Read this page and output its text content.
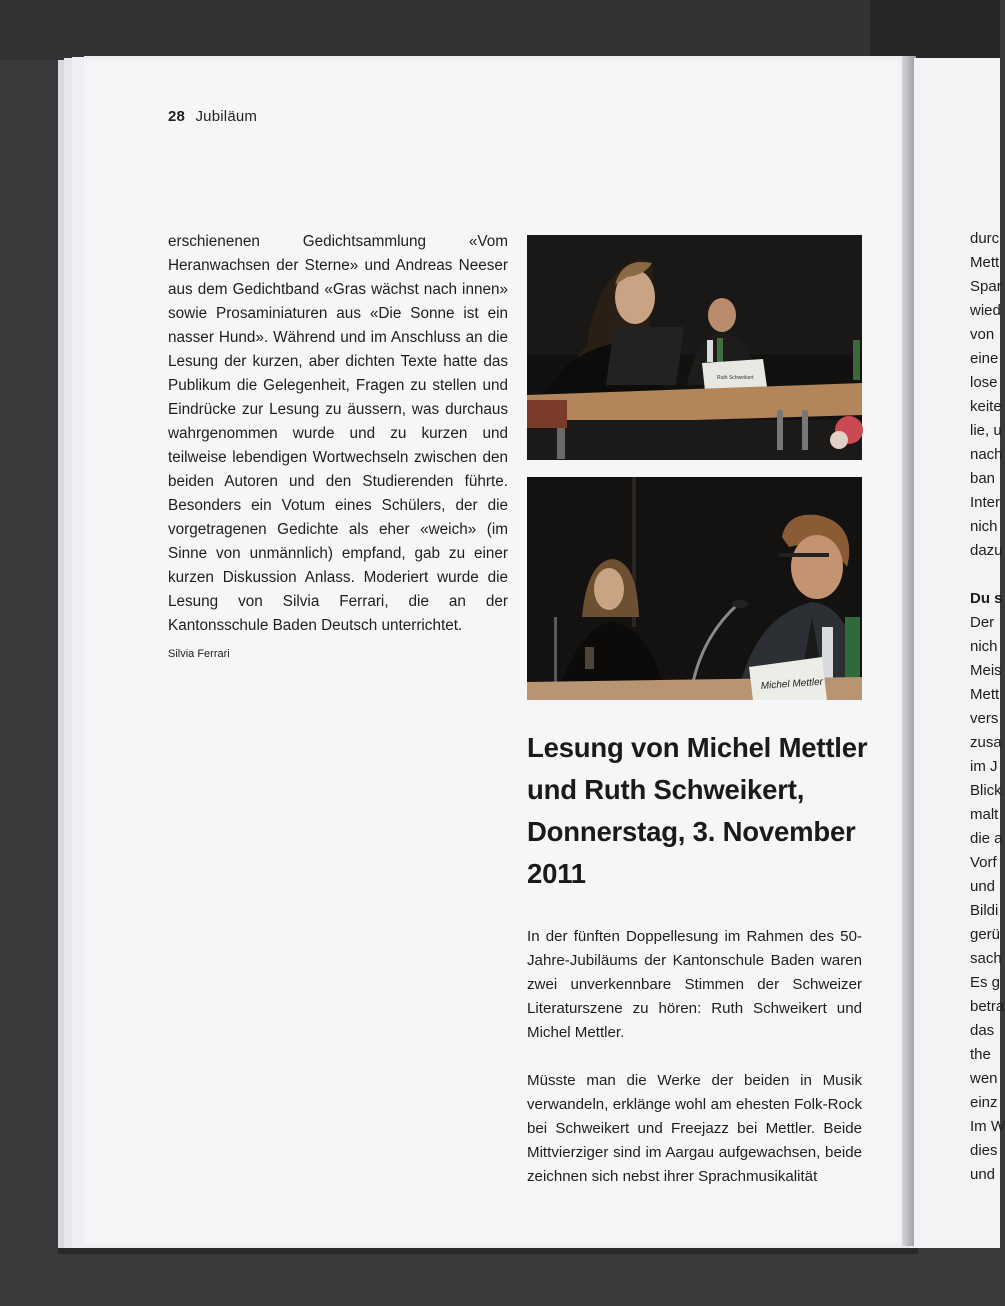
28 Jubiläum

erschienenen Gedichtsammlung «Vom Heranwachsen der Sterne» und Andreas Neeser aus dem Gedichtband «Gras wächst nach innen» sowie Prosaminiaturen aus «Die Sonne ist ein nasser Hund». Während und im Anschluss an die Lesung der kurzen, aber dichten Texte hatte das Publikum die Gelegenheit, Fragen zu stellen und Eindrücke zur Lesung zu äussern, was durchaus wahrgenommen wurde und zu kurzen und teilweise lebendigen Wortwechseln zwischen den beiden Autoren und den Studierenden führte. Besonders ein Votum eines Schülers, der die vorgetragenen Gedichte als eher «weich» (im Sinne von unmännlich) empfand, gab zu einer kurzen Diskussion Anlass. Moderiert wurde die Lesung von Silvia Ferrari, die an der Kantonsschule Baden Deutsch unterrichtet.

Silvia Ferrari
Ruth Schweikert
Michel Mettler
Lesung von Michel Mettler und Ruth Schweikert, Donnerstag, 3. November 2011

In der fünften Doppellesung im Rahmen des 50-Jahre-Jubiläums der Kantonschule Baden waren zwei unverkennbare Stimmen der Schweizer Literaturszene zu hören: Ruth Schweikert und Michel Mettler.

Müsste man die Werke der beiden in Musik verwandeln, erklänge wohl am ehesten Folk-Rock bei Schweikert und Freejazz bei Mettler. Beide Mittvierziger sind im Aargau aufgewachsen, beide zeichnen sich nebst ihrer Sprachmusikalität

durc
Mett
Spar
wied
von
eine
lose
keite
lie, u
nach
ban
Inter
nich
dazu
Du s
Der
nich
Meis
Mett
vers
zusa
im J
Blick
malt
die a
Vorf
und
Bildi
gerü
sach
Es g
betra
das
the
wen
einz
Im W
dies
und
